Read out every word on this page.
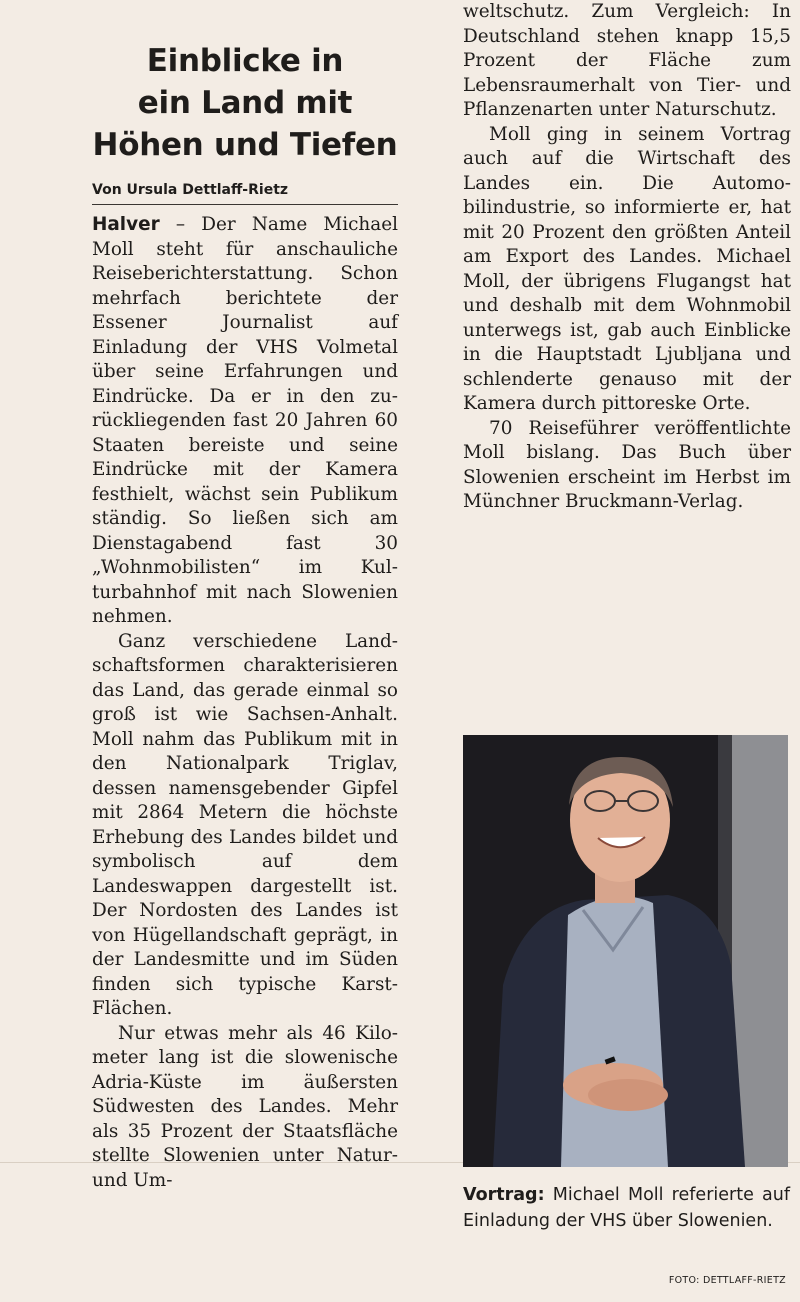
Einblicke in
ein Land mit
Höhen und Tiefen
Von Ursula Dettlaff-Rietz

Halver – Der Name Michael Moll steht für anschauliche Reiseberichterstattung. Schon mehrfach berichtete der Essener Journalist auf Einladung der VHS Volmetal über seine Erfahrungen und Eindrücke. Da er in den zurückliegenden fast 20 Jahren 60 Staaten bereiste und seine Eindrücke mit der Kamera festhielt, wächst sein Publikum ständig. So ließen sich am Dienstagabend fast 30 „Wohnmobilisten“ im Kulturbahnhof mit nach Slowenien nehmen.

Ganz verschiedene Landschaftsformen charakterisieren das Land, das gerade einmal so groß ist wie Sachsen-Anhalt. Moll nahm das Publikum mit in den Nationalpark Triglav, dessen namensgebender Gipfel mit 2864 Metern die höchste Erhebung des Landes bildet und symbolisch auf dem Landeswappen dargestellt ist. Der Nordosten des Landes ist von Hügellandschaft geprägt, in der Landesmitte und im Süden finden sich typische Karst-Flächen.

Nur etwas mehr als 46 Kilometer lang ist die slowenische Adria-Küste im äußersten Südwesten des Landes. Mehr als 35 Prozent der Staatsfläche stellte Slowenien unter Natur- und Um-

weltschutz. Zum Vergleich: In Deutschland stehen knapp 15,5 Prozent der Fläche zum Lebensraumerhalt von Tier- und Pflanzenarten unter Naturschutz.

Moll ging in seinem Vortrag auch auf die Wirtschaft des Landes ein. Die Automobilindustrie, so informierte er, hat mit 20 Prozent den größten Anteil am Export des Landes. Michael Moll, der übrigens Flugangst hat und deshalb mit dem Wohnmobil unterwegs ist, gab auch Einblicke in die Hauptstadt Ljubljana und schlenderte genauso mit der Kamera durch pittoreske Orte.

70 Reiseführer veröffentlichte Moll bislang. Das Buch über Slowenien erscheint im Herbst im Münchner Bruckmann-Verlag.

Vortrag: Michael Moll referierte auf Einladung der VHS über Slowenien.

FOTO: DETTLAFF-RIETZ
